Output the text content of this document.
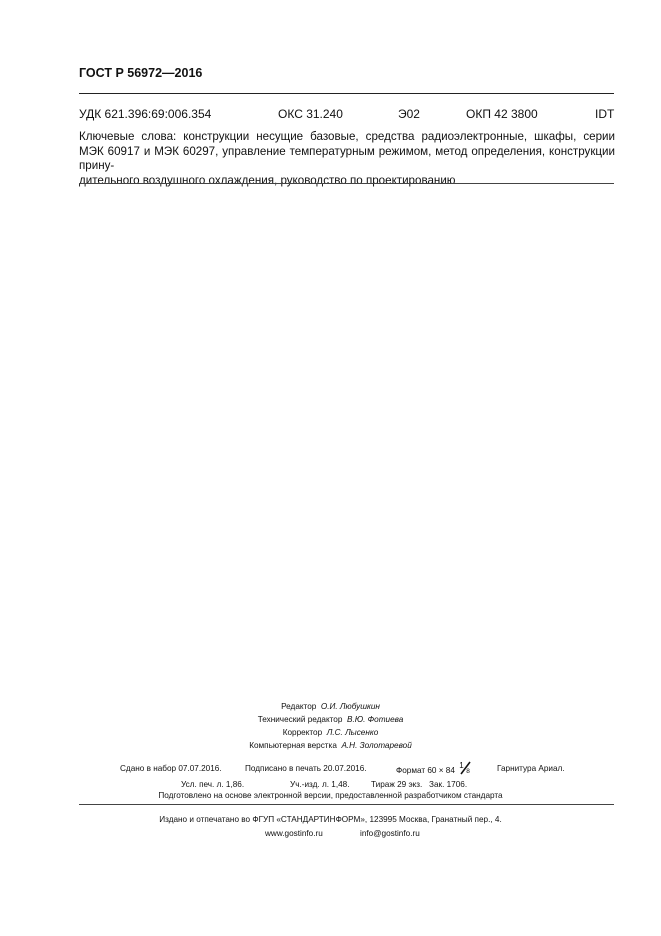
ГОСТ Р 56972—2016
УДК 621.396:69:006.354	ОКС 31.240	Э02	ОКП 42 3800	IDT
Ключевые слова: конструкции несущие базовые, средства радиоэлектронные, шкафы, серии
МЭК 60917 и МЭК 60297, управление температурным режимом, метод определения, конструкции прину-
дительного воздушного охлаждения, руководство по проектированию
Редактор О.И. Любушкин
Технический редактор В.Ю. Фотиева
Корректор Л.С. Лысенко
Компьютерная верстка А.Н. Золотаревой
Сдано в набор 07.07.2016.	Подписано в печать 20.07.2016.	Формат 60 × 84
1
8	Гарнитура Ариал.
Усл. печ. л. 1,86.	Уч.-изд. л. 1,48.	Тираж 29 экз. Зак. 1706.
Подготовлено на основе электронной версии, предоставленной разработчиком стандарта
Издано и отпечатано во ФГУП «СТАНДАРТИНФОРМ», 123995 Москва, Гранатный пер., 4.
www.gostinfo.ru	info@gostinfo.ru
